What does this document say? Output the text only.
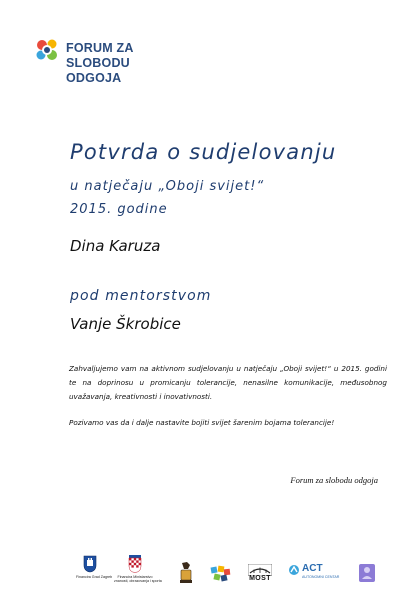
FORUM ZA
SLOBODU
ODGOJA
Potvrda o sudjelovanju
u natječaju „Oboji svijet!“
2015. godine
Dina Karuza
pod mentorstvom
Vanje Škrobice

Zahvaljujemo vam na aktivnom sudjelovanju u natječaju „Oboji svijet!“ u 2015. godini te na doprinosu u promicanju tolerancije, nenasilne komunikacije, međusobnog uvažavanja, kreativnosti i inovativnosti.

Pozivamo vas da i dalje nastavite bojiti svijet šarenim bojama tolerancije!

Forum za slobodu odgoja
Financira Grad Zagreb	Financira Ministarstvo
znanosti, obrazovanja i sporta	MOST
ACT
AUTONOMNI CENTAR
